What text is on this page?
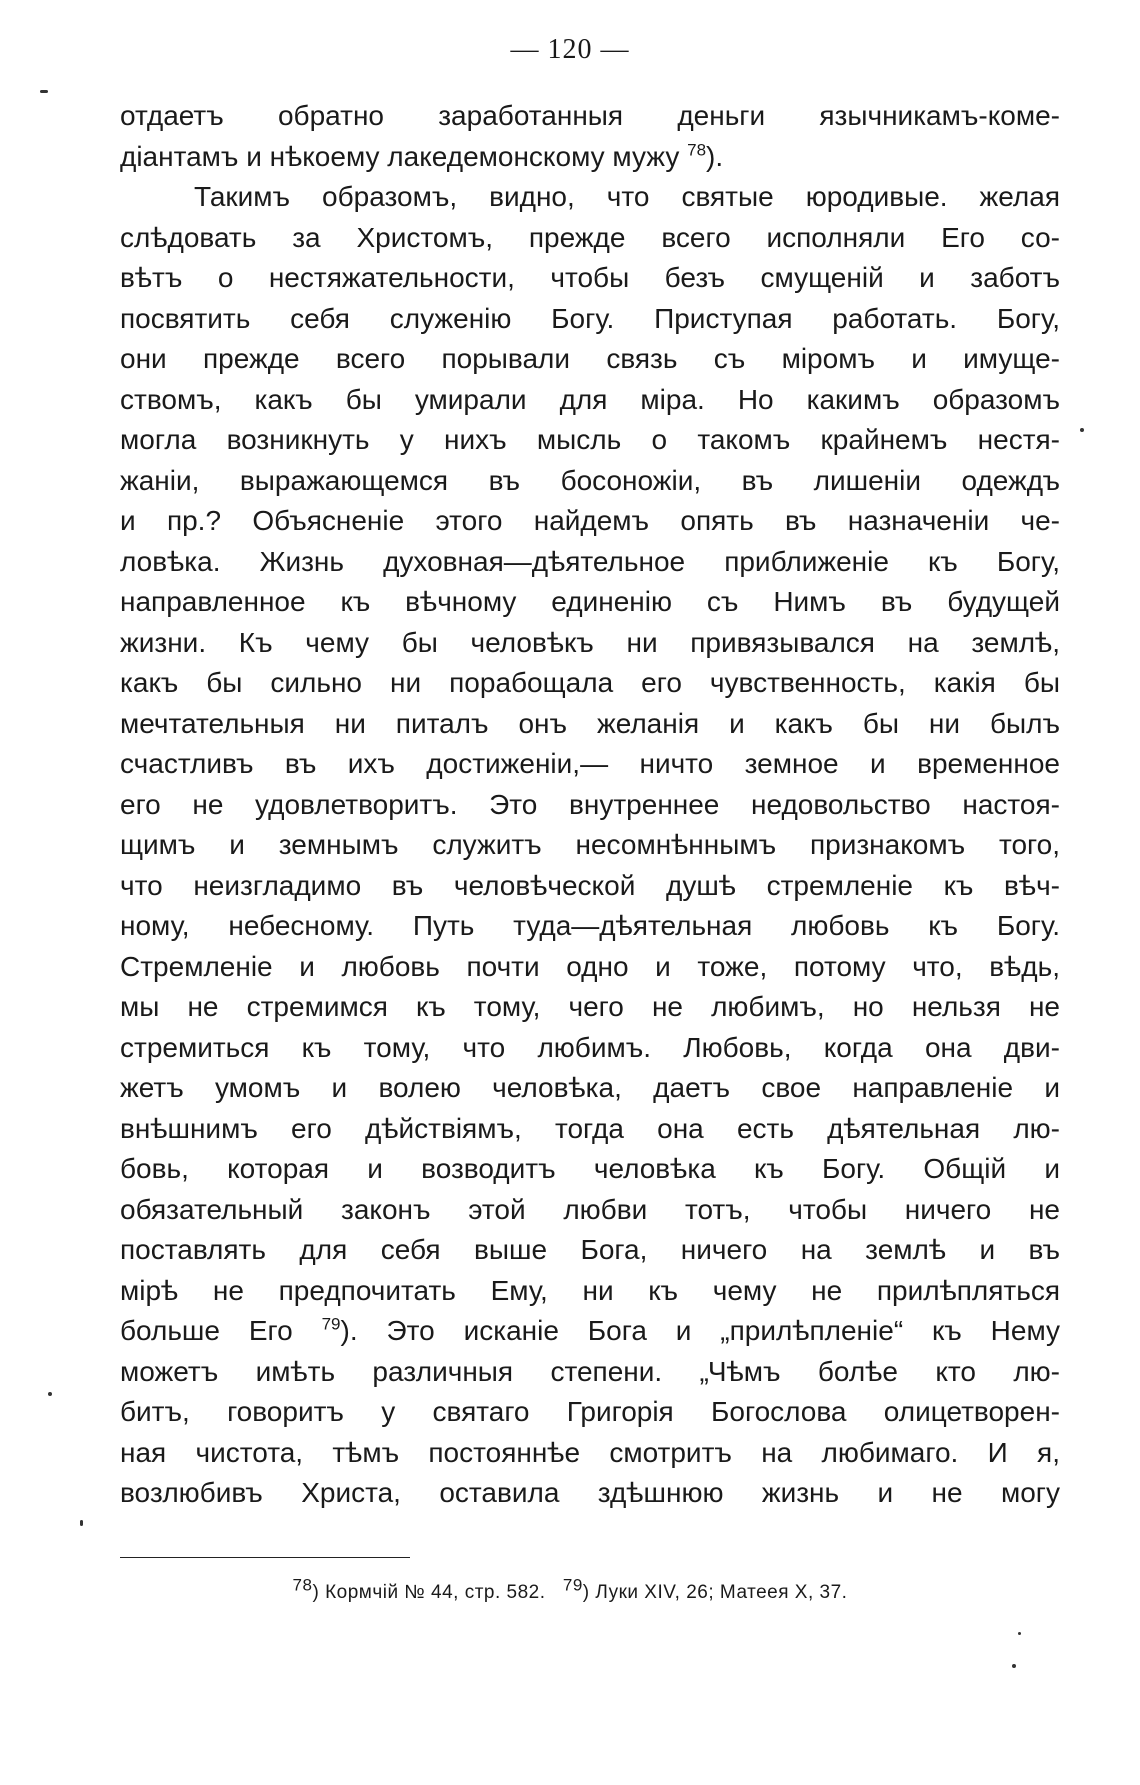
— 120 —
отдаетъ обратно заработанныя деньги язычникамъ-коме-
діантамъ и нѣкоему лакедемонскому мужу $^{78}$).
Такимъ образомъ, видно, что святые юродивые. желая
слѣдовать за Христомъ, прежде всего исполняли Его со-
вѣтъ о нестяжательности, чтобы безъ смущеній и заботъ
посвятить себя служенію Богу. Приступая работать. Богу,
они прежде всего порывали связь съ міромъ и имуще-
ствомъ, какъ бы умирали для міра. Но какимъ образомъ
могла возникнуть у нихъ мысль о такомъ крайнемъ нестя-
жаніи, выражающемся въ босоножіи, въ лишеніи одеждъ
и пр.? Объясненіе этого найдемъ опять въ назначеніи че-
ловѣка. Жизнь духовная—дѣятельное приближеніе къ Богу,
направленное къ вѣчному единенію съ Нимъ въ будущей
жизни. Къ чему бы человѣкъ ни привязывался на землѣ,
какъ бы сильно ни порабощала его чувственность, какія бы
мечтательныя ни питалъ онъ желанія и какъ бы ни былъ
счастливъ въ ихъ достиженіи,— ничто земное и временное
его не удовлетворитъ. Это внутреннее недовольство настоя-
щимъ и земнымъ служитъ несомнѣннымъ признакомъ того,
что неизгладимо въ человѣческой душѣ стремленіе къ вѣч-
ному, небесному. Путь туда—дѣятельная любовь къ Богу.
Стремленіе и любовь почти одно и тоже, потому что, вѣдь,
мы не стремимся къ тому, чего не любимъ, но нельзя не
стремиться къ тому, что любимъ. Любовь, когда она дви-
жетъ умомъ и волею человѣка, даетъ свое направленіе и
внѣшнимъ его дѣйствіямъ, тогда она есть дѣятельная лю-
бовь, которая и возводитъ человѣка къ Богу. Общій и
обязательный законъ этой любви тотъ, чтобы ничего не
поставлять для себя выше Бога, ничего на землѣ и въ
мірѣ не предпочитать Ему, ни къ чему не прилѣпляться
больше Его $^{79}$). Это исканіе Бога и „прилѣпленіе“ къ Нему
можетъ имѣть различныя степени. „Чѣмъ болѣе кто лю-
битъ, говоритъ у святаго Григорія Богослова олицетворен-
ная чистота, тѣмъ постояннѣе смотритъ на любимаго. И я,
возлюбивъ Христа, оставила здѣшнюю жизнь и не могу
$^{78}$) Кормчій № 44, стр. 582. $^{79}$) Луки XIV, 26; Матеея X, 37.
